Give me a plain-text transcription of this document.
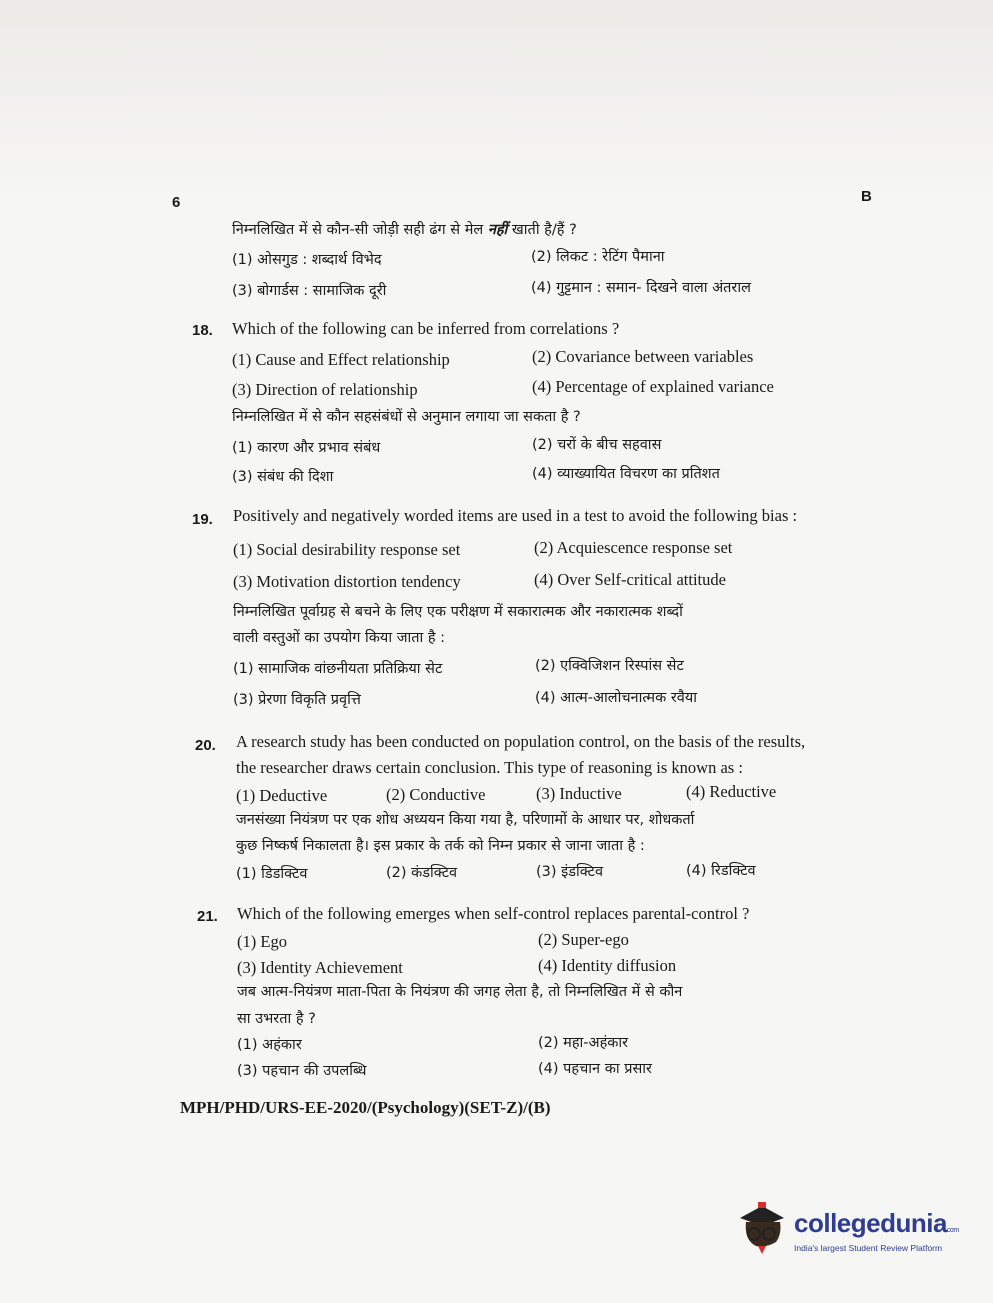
6	B
निम्नलिखित में से कौन-सी जोड़ी सही ढंग से मेल नहीं खाती है/हैं ?
(1) ओसगुड : शब्दार्थ विभेद	(2) लिकट : रेटिंग पैमाना
(3) बोगार्डस : सामाजिक दूरी	(4) गुट्टमान : समान- दिखने वाला अंतराल
18. Which of the following can be inferred from correlations ?
(1) Cause and Effect relationship	(2) Covariance between variables
(3) Direction of relationship	(4) Percentage of explained variance
निम्नलिखित में से कौन सहसंबंधों से अनुमान लगाया जा सकता है ?
(1) कारण और प्रभाव संबंध	(2) चरों के बीच सहवास
(3) संबंध की दिशा	(4) व्याख्यायित विचरण का प्रतिशत
19. Positively and negatively worded items are used in a test to avoid the following bias :
(1) Social desirability response set	(2) Acquiescence response set
(3) Motivation distortion tendency	(4) Over Self-critical attitude
निम्नलिखित पूर्वाग्रह से बचने के लिए एक परीक्षण में सकारात्मक और नकारात्मक शब्दों
वाली वस्तुओं का उपयोग किया जाता है :
(1) सामाजिक वांछनीयता प्रतिक्रिया सेट	(2) एक्विजिशन रिस्पांस सेट
(3) प्रेरणा विकृति प्रवृत्ति	(4) आत्म-आलोचनात्मक रवैया
20. A research study has been conducted on population control, on the basis of the results,
the researcher draws certain conclusion. This type of reasoning is known as :
(1) Deductive	(2) Conductive	(3) Inductive	(4) Reductive
जनसंख्या नियंत्रण पर एक शोध अध्ययन किया गया है, परिणामों के आधार पर, शोधकर्ता
कुछ निष्कर्ष निकालता है। इस प्रकार के तर्क को निम्न प्रकार से जाना जाता है :
(1) डिडक्टिव	(2) कंडक्टिव	(3) इंडक्टिव	(4) रिडक्टिव
21. Which of the following emerges when self-control replaces parental-control ?
(1) Ego	(2) Super-ego
(3) Identity Achievement	(4) Identity diffusion
जब आत्म-नियंत्रण माता-पिता के नियंत्रण की जगह लेता है, तो निम्नलिखित में से कौन
सा उभरता है ?
(1) अहंकार	(2) महा-अहंकार
(3) पहचान की उपलब्धि	(4) पहचान का प्रसार
MPH/PHD/URS-EE-2020/(Psychology)(SET-Z)/(B)
collegeduniacom
India's largest Student Review Platform
